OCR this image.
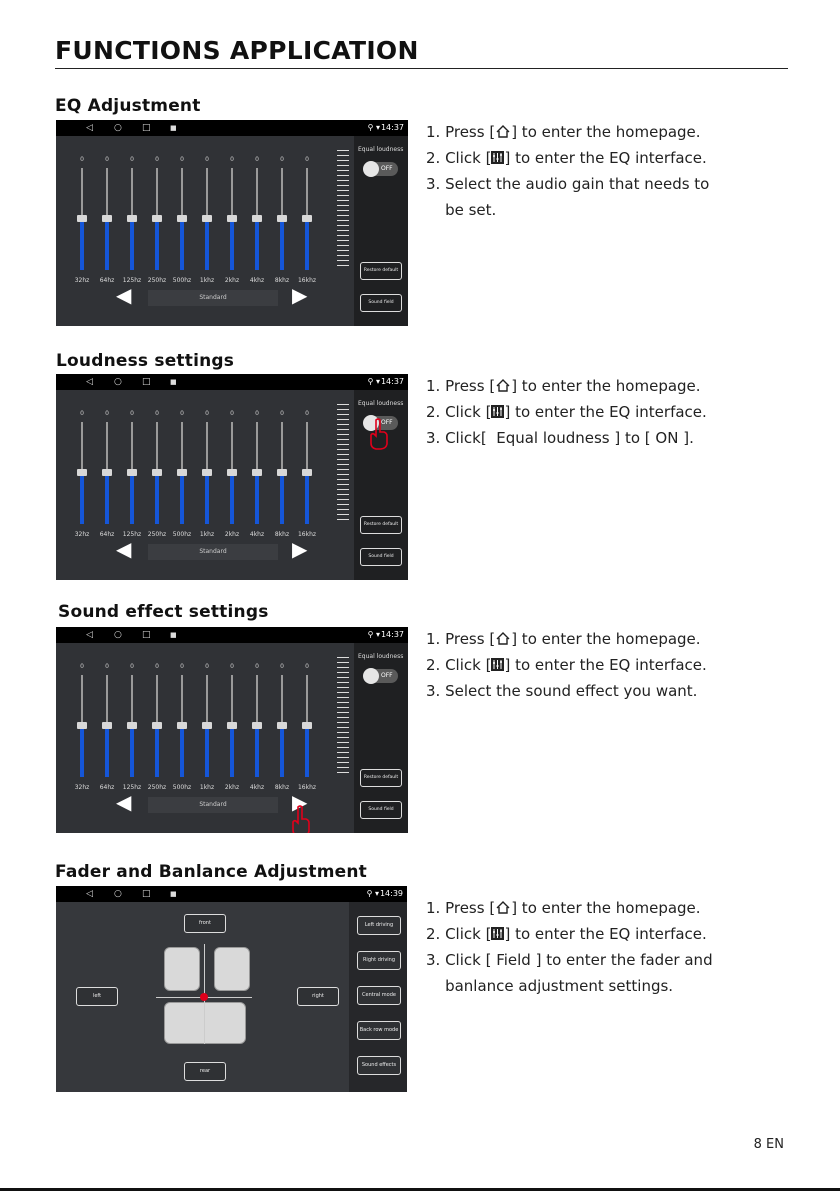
FUNCTIONS APPLICATION
EQ Adjustment
◁ ○ □	■	⚲ ▾ 14:37
0
32hz
0
64hz
0
125hz
0
250hz
0
500hz
0
1khz
0
2khz
0
4khz
0
8khz
0
16khz
Equal loudness
OFF
Restore default
Sound field
◀	Standard	▶
1. Press [ ] to enter the homepage.
2. Click [ ] to enter the EQ interface.
3. Select the audio gain that needs to
be set.
Loudness settings
◁ ○ □	■	⚲ ▾ 14:37
0
32hz
0
64hz
0
125hz
0
250hz
0
500hz
0
1khz
0
2khz
0
4khz
0
8khz
0
16khz
Equal loudness
OFF
Restore default
Sound field
◀	Standard	▶
1. Press [ ] to enter the homepage.
2. Click [ ] to enter the EQ interface.
3. Click[  Equal loudness ] to [ ON ].
Sound effect settings
◁ ○ □	■	⚲ ▾ 14:37
0
32hz
0
64hz
0
125hz
0
250hz
0
500hz
0
1khz
0
2khz
0
4khz
0
8khz
0
16khz
Equal loudness
OFF
Restore default
Sound field
◀	Standard	▶
1. Press [ ] to enter the homepage.
2. Click [ ] to enter the EQ interface.
3. Select the sound effect you want.
Fader and Banlance Adjustment
◁ ○ □	■	⚲ ▾ 14:39
front
rear
left	right
Left driving
Right driving
Central mode
Back row mode
Sound effects
1. Press [ ] to enter the homepage.
2. Click [ ] to enter the EQ interface.
3. Click [ Field ] to enter the fader and
banlance adjustment settings.
8 EN
